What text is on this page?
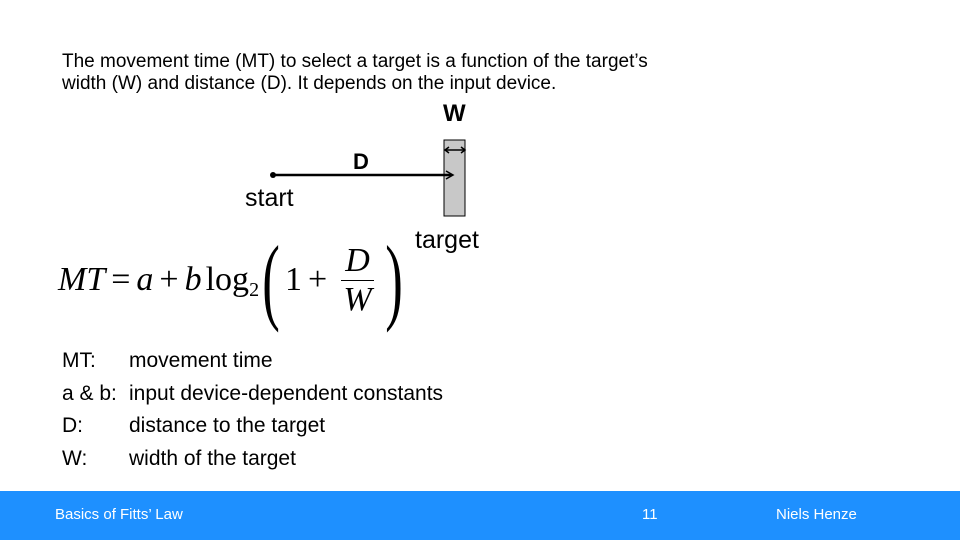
The movement time (MT) to select a target is a function of the target’s width (W) and distance (D). It depends on the input device.

W
D
start
target
MT = a + b log 2 ( $1 + \frac{D}{W}$ )
MT:	movement time
a & b: input device-dependent constants
D:	distance to the target
W:	width of the target
Basics of Fitts’ Law	11	Niels Henze
